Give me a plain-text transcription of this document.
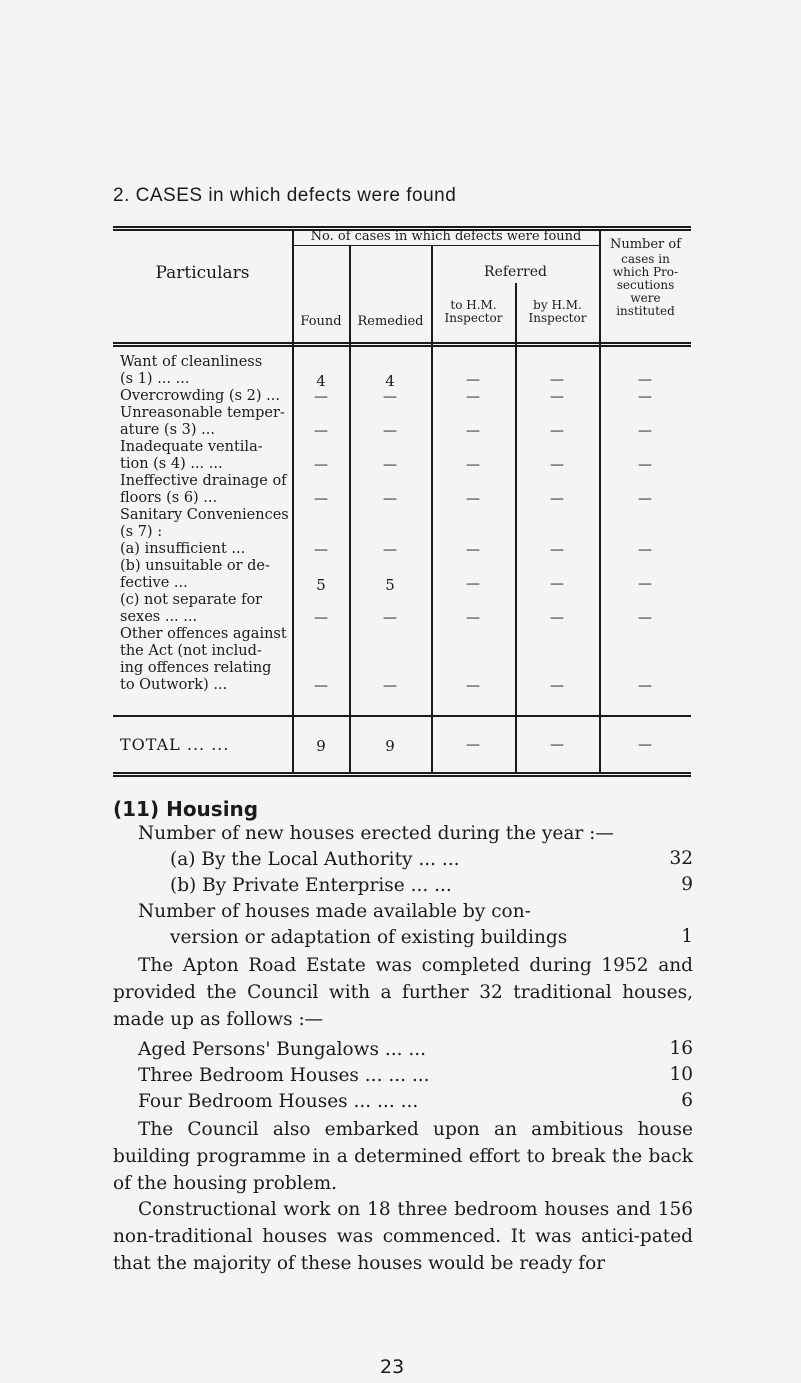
2. CASES in which defects were found
Particulars
No. of cases in which defects were found
Found	Remedied
Referred
to H.M.
Inspector
by H.M.
Inspector
Number of
cases in
which Pro-
secutions
were
instituted
Want of cleanliness
(s 1) ... ...	4	4	—	—	—
Overcrowding (s 2) ...	—	—	—	—	—
Unreasonable temper-
ature (s 3) ...	—	—	—	—	—
Inadequate ventila-
tion (s 4) ... ...	—	—	—	—	—
Ineffective drainage of
floors (s 6) ...	—	—	—	—	—
Sanitary Conveniences
(s 7) :
(a) insufficient ...	—	—	—	—	—
(b) unsuitable or de-
fective ...	5	5	—	—	—
(c) not separate for
sexes ... ...	—	—	—	—	—
Other offences against
the Act (not includ-
ing offences relating
to Outwork) ...	—	—	—	—	—
TOTAL ... ...	9	9	—	—	—
(11) Housing
Number of new houses erected during the year :—
(a) By the Local Authority ... ...	32
(b) By Private Enterprise ... ...	9
Number of houses made available by con-
version or adaptation of existing buildings	1
The Apton Road Estate was completed during 1952 and provided the Council with a further 32 traditional houses, made up as follows :—
Aged Persons' Bungalows ... ...	16
Three Bedroom Houses ... ... ...	10
Four Bedroom Houses ... ... ...	6
The Council also embarked upon an ambitious house building programme in a determined effort to break the back of the housing problem.
Constructional work on 18 three bedroom houses and 156 non-traditional houses was commenced. It was antici-pated that the majority of these houses would be ready for
23
